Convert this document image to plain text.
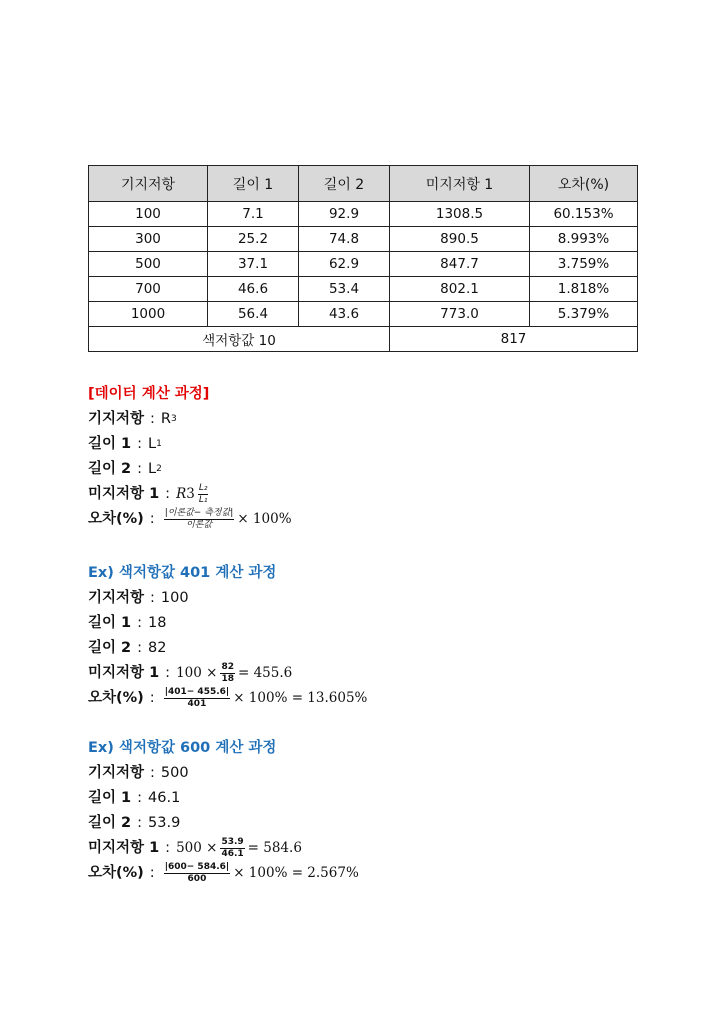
기지저항	길이 1	길이 2	미지저항 1	오차(%)
100	7.1	92.9	1308.5	60.153%
300	25.2	74.8	890.5	8.993%
500	37.1	62.9	847.7	3.759%
700	46.6	53.4	802.1	1.818%
1000	56.4	43.6	773.0	5.379%
색저항값 10			817	
[데이터 계산 과정]
기지저항 : R 3
길이 1 : L 1
길이 2 : L 2
미지저항 1 : R $3 \frac{\text{L₂}}{\text{L₁}}$
오차(%) : $\frac{\text{|이론값− 측정값|}}{\text{이론값}} \times 100\%$
Ex) 색저항값 401 계산 과정
기지저항 : 100
길이 1 : 18
길이 2 : 82
미지저항 1 : $100 \times \frac{82}{18} = 455.6$
오차(%) : $\frac{|401- 455.6|}{401} \times 100\% = 13.605\%$
Ex) 색저항값 600 계산 과정
기지저항 : 500
길이 1 : 46.1
길이 2 : 53.9
미지저항 1 : $500 \times \frac{53.9}{46.1} = 584.6$
오차(%) : $\frac{|600- 584.6|}{600} \times 100\% = 2.567\%$
